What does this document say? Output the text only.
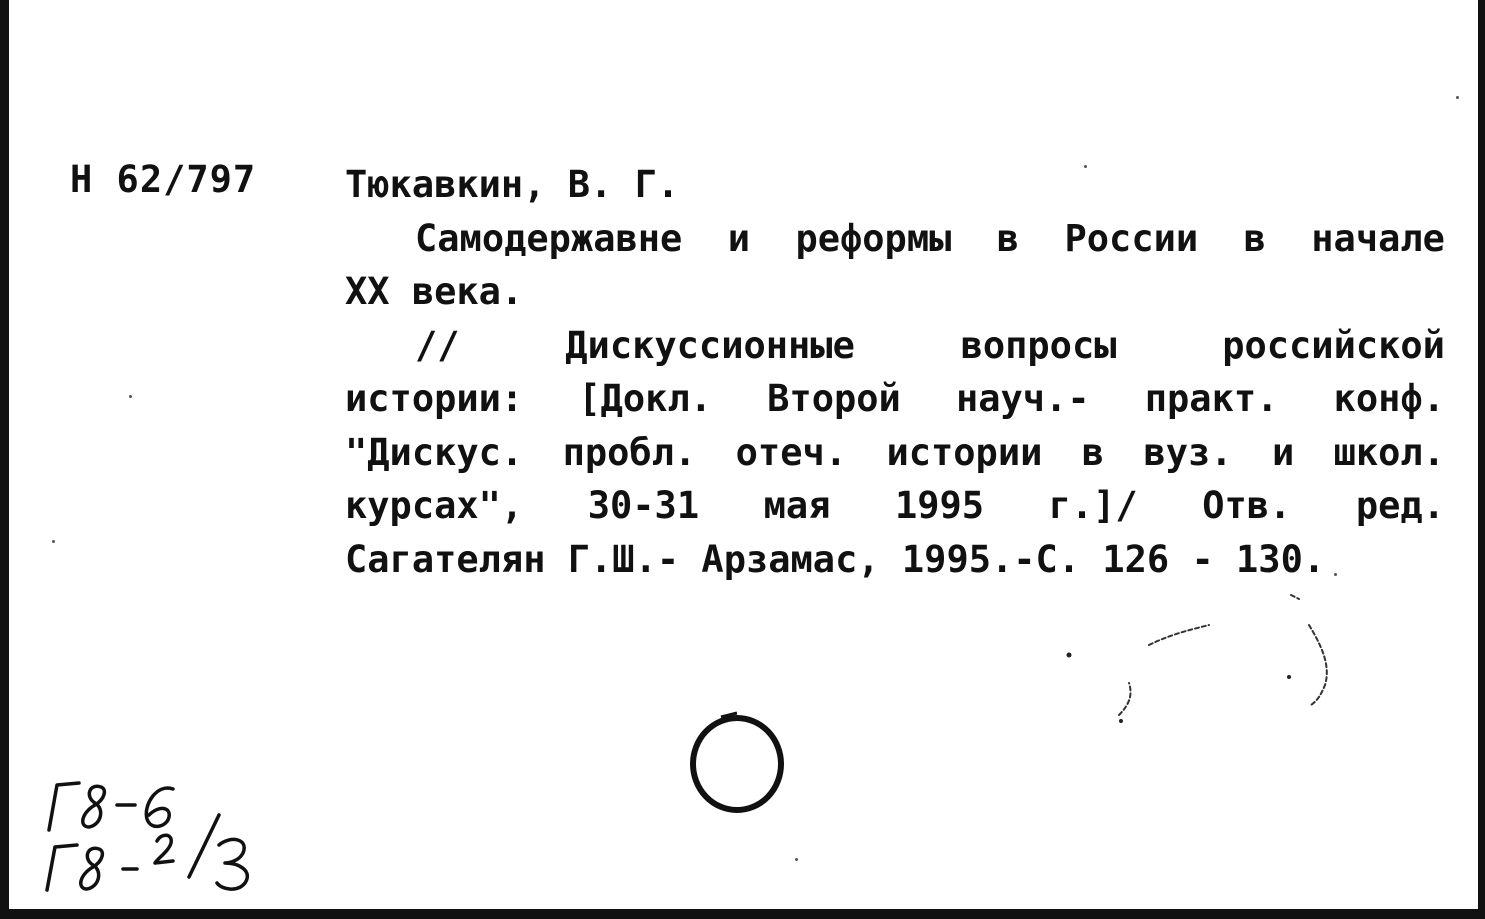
Н 62/797 Тюкавкин, В. Г.
Самодержавне и реформы в России в начале
XX века.
//	Дискуссионные	вопросы	российской
истории: [Докл. Второй науч.- практ. конф.
"Дискус. пробл. отеч. истории в вуз. и школ.
курсах", 30-31 мая 1995 г.]/ Отв. ред.
Сагателян Г.Ш.- Арзамас, 1995.-С. 126 - 130.
